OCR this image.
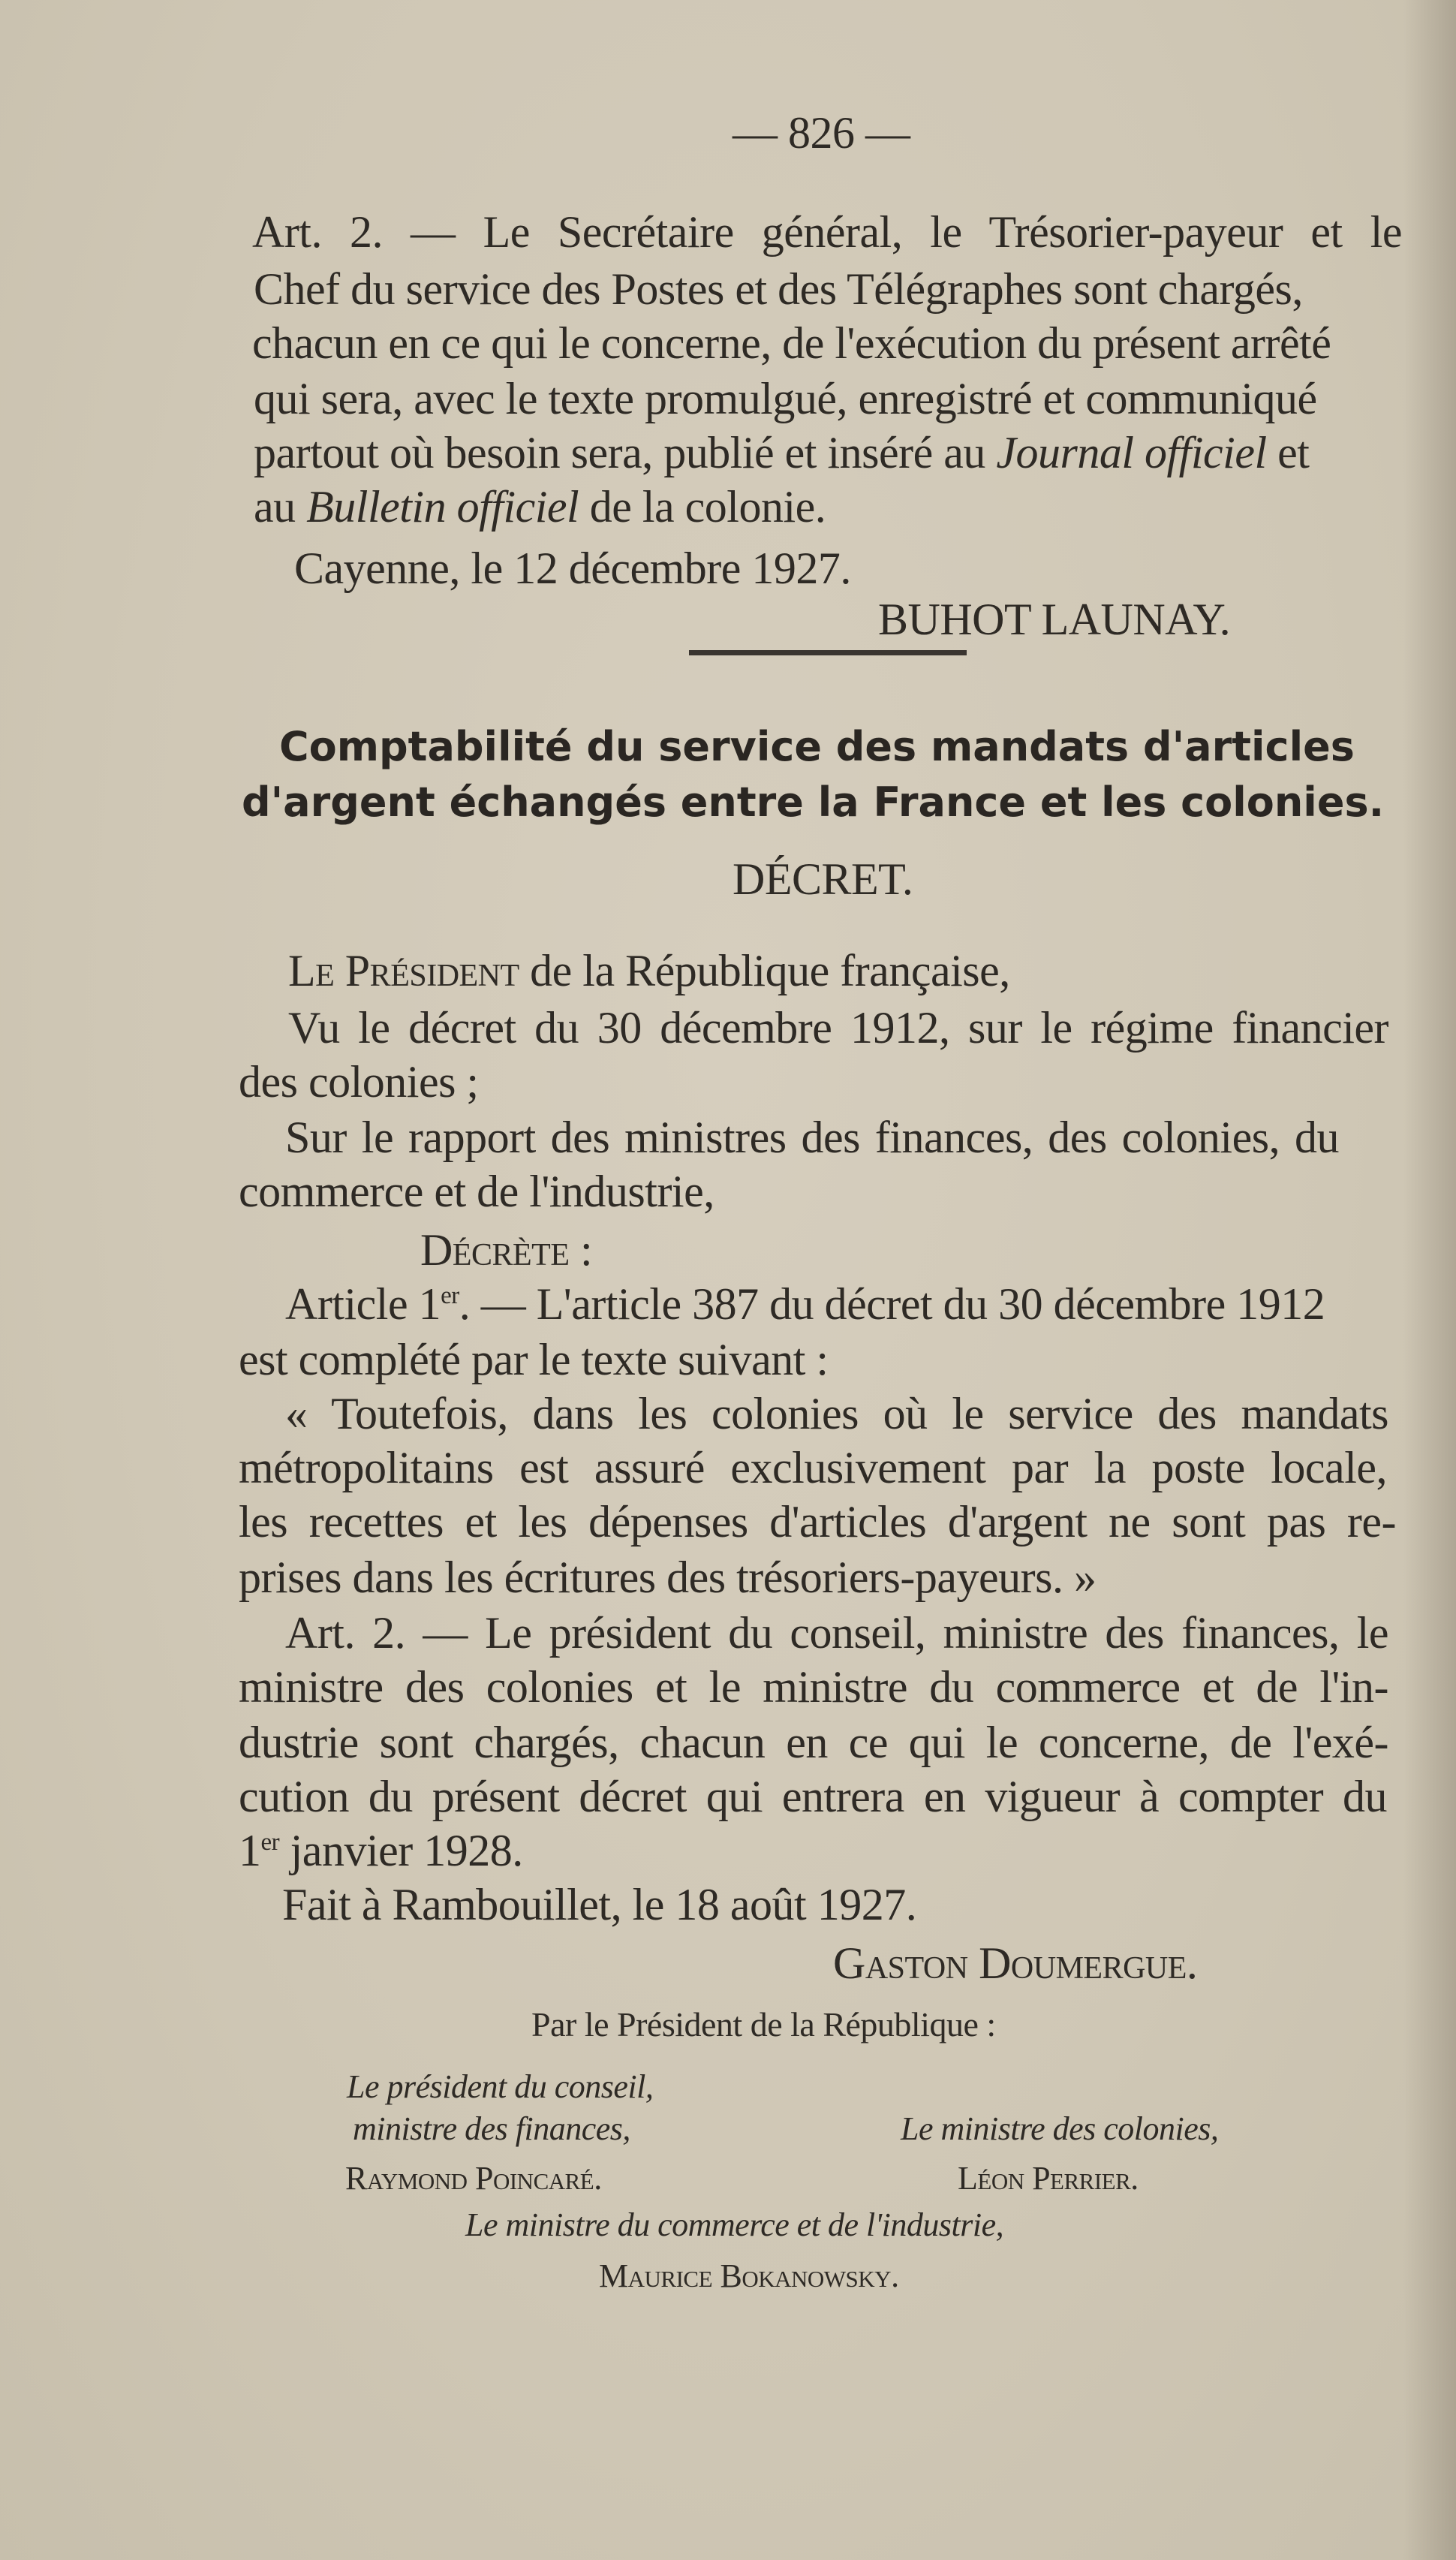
— 826 —
Art. 2. — Le Secrétaire général, le Trésorier-payeur et le
Chef du service des Postes et des Télégraphes sont chargés,
chacun en ce qui le concerne, de l'exécution du présent arrêté
qui sera, avec le texte promulgué, enregistré et communiqué
partout où besoin sera, publié et inséré au Journal officiel et
au Bulletin officiel de la colonie.
Cayenne, le 12 décembre 1927.
BUHOT LAUNAY.
Comptabilité du service des mandats d'articles
d'argent échangés entre la France et les colonies.
DÉCRET.
Le Président de la République française,
Vu le décret du 30 décembre 1912, sur le régime financier
des colonies ;
Sur le rapport des ministres des finances, des colonies, du
commerce et de l'industrie,
Décrète :
Article 1er. — L'article 387 du décret du 30 décembre 1912
est complété par le texte suivant :
« Toutefois, dans les colonies où le service des mandats
métropolitains est assuré exclusivement par la poste locale,
les recettes et les dépenses d'articles d'argent ne sont pas re-
prises dans les écritures des trésoriers-payeurs. »
Art. 2. — Le président du conseil, ministre des finances, le
ministre des colonies et le ministre du commerce et de l'in-
dustrie sont chargés, chacun en ce qui le concerne, de l'exé-
cution du présent décret qui entrera en vigueur à compter du
1er janvier 1928.
Fait à Rambouillet, le 18 août 1927.
Gaston Doumergue.
Par le Président de la République :
Le président du conseil,
ministre des finances,	Le ministre des colonies,
Raymond Poincaré.	Léon Perrier.
Le ministre du commerce et de l'industrie,
Maurice Bokanowsky.
